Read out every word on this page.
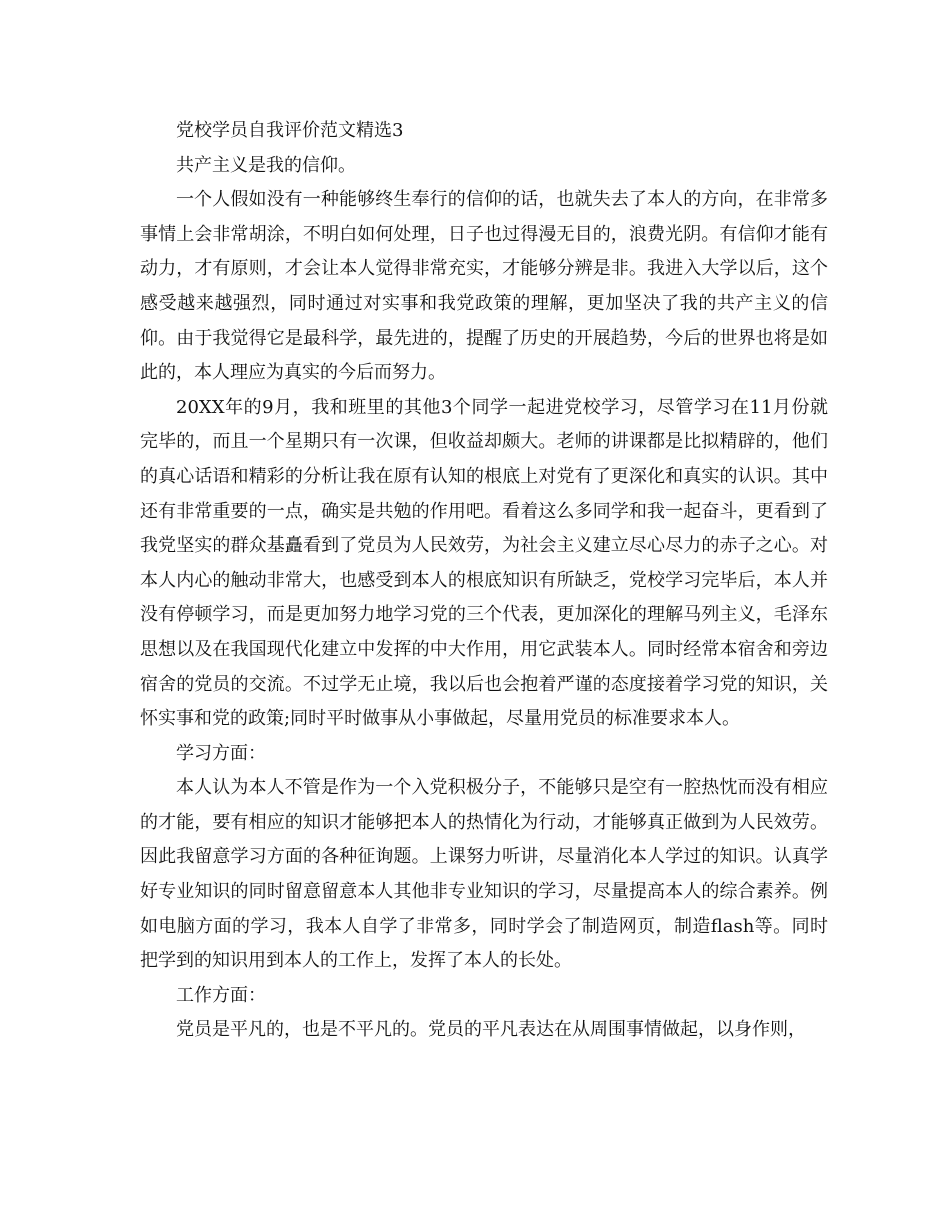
党校学员自我评价范文精选3

共产主义是我的信仰。

一个人假如没有一种能够终生奉行的信仰的话，也就失去了本人的方向，在非常多事情上会非常胡涂，不明白如何处理，日子也过得漫无目的，浪费光阴。有信仰才能有动力，才有原则，才会让本人觉得非常充实，才能够分辨是非。我进入大学以后，这个感受越来越强烈，同时通过对实事和我党政策的理解，更加坚决了我的共产主义的信仰。由于我觉得它是最科学，最先进的，提醒了历史的开展趋势，今后的世界也将是如此的，本人理应为真实的今后而努力。

20XX年的9月，我和班里的其他3个同学一起进党校学习，尽管学习在11月份就完毕的，而且一个星期只有一次课，但收益却颇大。老师的讲课都是比拟精辟的，他们的真心话语和精彩的分析让我在原有认知的根底上对党有了更深化和真实的认识。其中还有非常重要的一点，确实是共勉的作用吧。看着这么多同学和我一起奋斗，更看到了我党坚实的群众基矗看到了党员为人民效劳，为社会主义建立尽心尽力的赤子之心。对本人内心的触动非常大，也感受到本人的根底知识有所缺乏，党校学习完毕后，本人并没有停顿学习，而是更加努力地学习党的三个代表，更加深化的理解马列主义，毛泽东思想以及在我国现代化建立中发挥的中大作用，用它武装本人。同时经常本宿舍和旁边宿舍的党员的交流。不过学无止境，我以后也会抱着严谨的态度接着学习党的知识，关怀实事和党的政策;同时平时做事从小事做起，尽量用党员的标准要求本人。

学习方面：

本人认为本人不管是作为一个入党积极分子，不能够只是空有一腔热忱而没有相应的才能，要有相应的知识才能够把本人的热情化为行动，才能够真正做到为人民效劳。因此我留意学习方面的各种征询题。上课努力听讲，尽量消化本人学过的知识。认真学好专业知识的同时留意留意本人其他非专业知识的学习，尽量提高本人的综合素养。例如电脑方面的学习，我本人自学了非常多，同时学会了制造网页，制造flash等。同时把学到的知识用到本人的工作上，发挥了本人的长处。

工作方面：

党员是平凡的，也是不平凡的。党员的平凡表达在从周围事情做起，以身作则，
